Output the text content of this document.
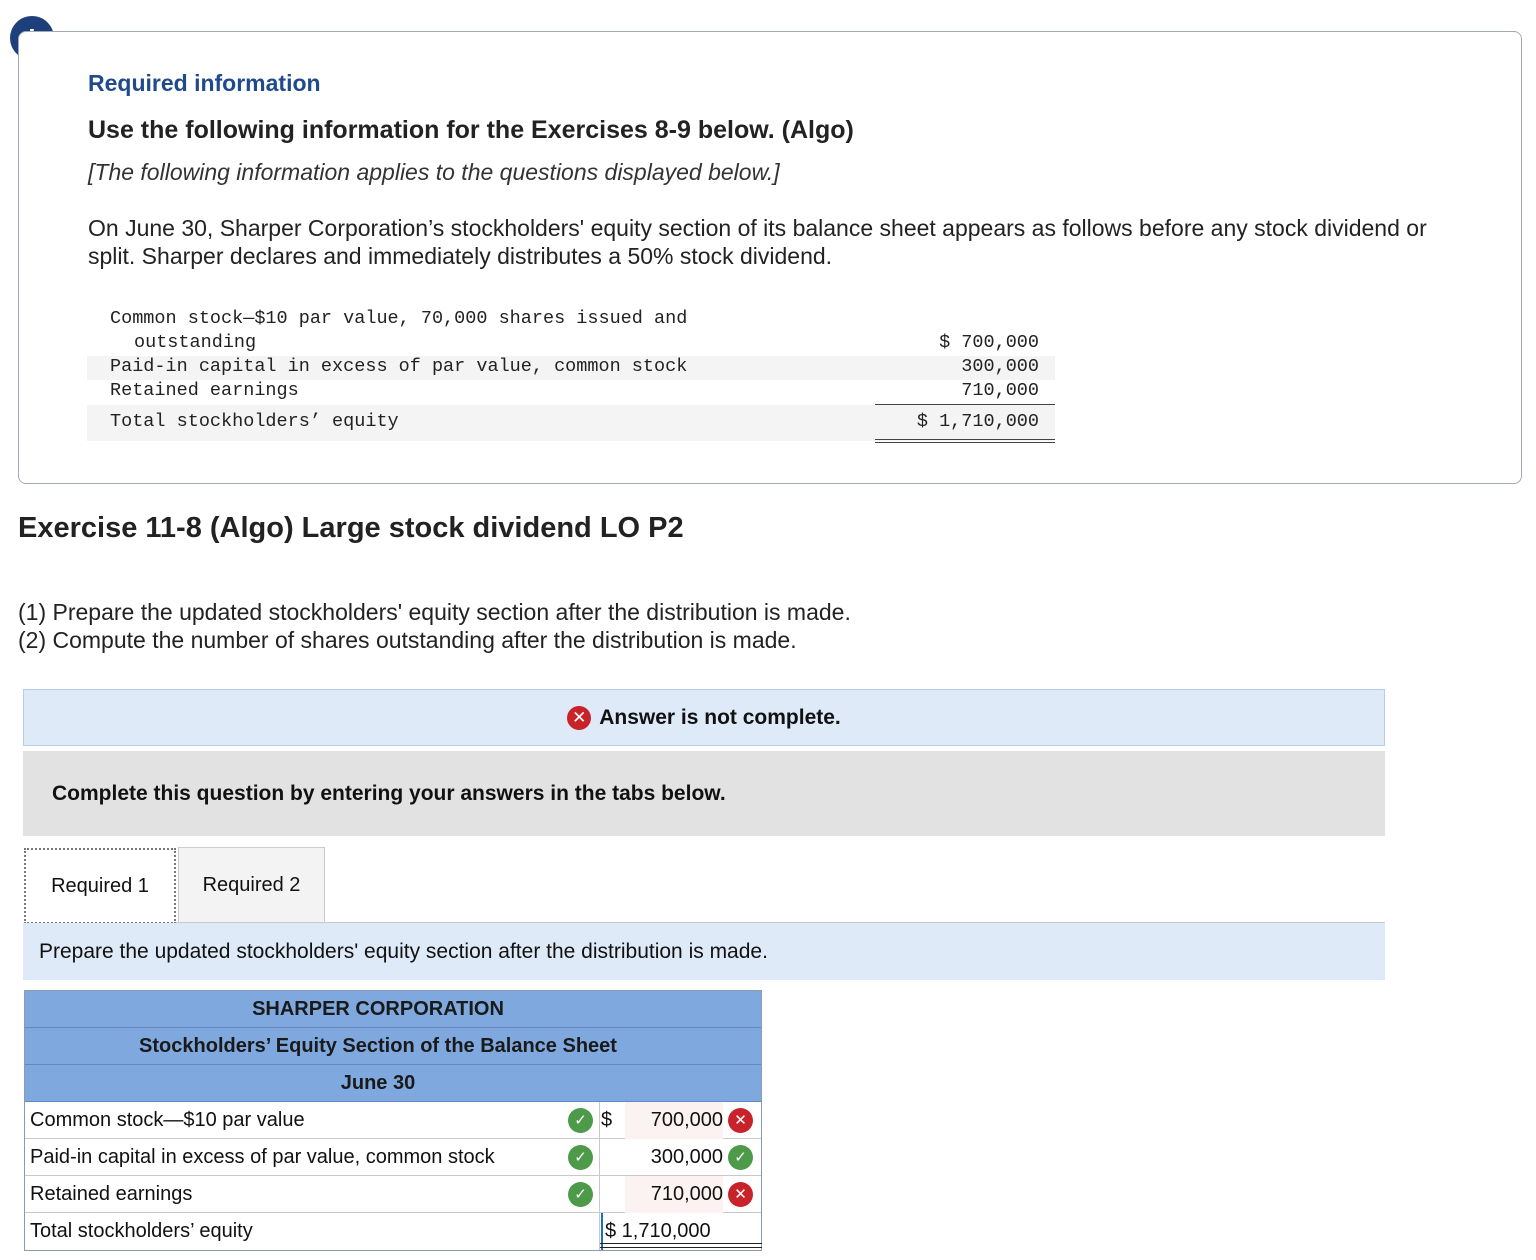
Required information

Use the following information for the Exercises 8-9 below. (Algo)

[The following information applies to the questions displayed below.]

On June 30, Sharper Corporation’s stockholders' equity section of its balance sheet appears as follows before any stock dividend or split. Sharper declares and immediately distributes a 50% stock dividend.

Common stock—$10 par value, 70,000 shares issued and
outstanding	$ 700,000
Paid-in capital in excess of par value, common stock	300,000
Retained earnings	710,000
Total stockholders’ equity	$ 1,710,000
Exercise 11-8 (Algo) Large stock dividend LO P2
(1) Prepare the updated stockholders' equity section after the distribution is made.
(2) Compute the number of shares outstanding after the distribution is made.
✕ Answer is not complete.
Complete this question by entering your answers in the tabs below.
Required 1	Required 2
Prepare the updated stockholders' equity section after the distribution is made.
SHARPER CORPORATION
Stockholders’ Equity Section of the Balance Sheet
June 30
Common stock—$10 par value	✓ $	700,000 ✕
Paid-in capital in excess of par value, common stock	✓	300,000 ✓
Retained earnings	✓	710,000 ✕
Total stockholders’ equity	$ 1,710,000
